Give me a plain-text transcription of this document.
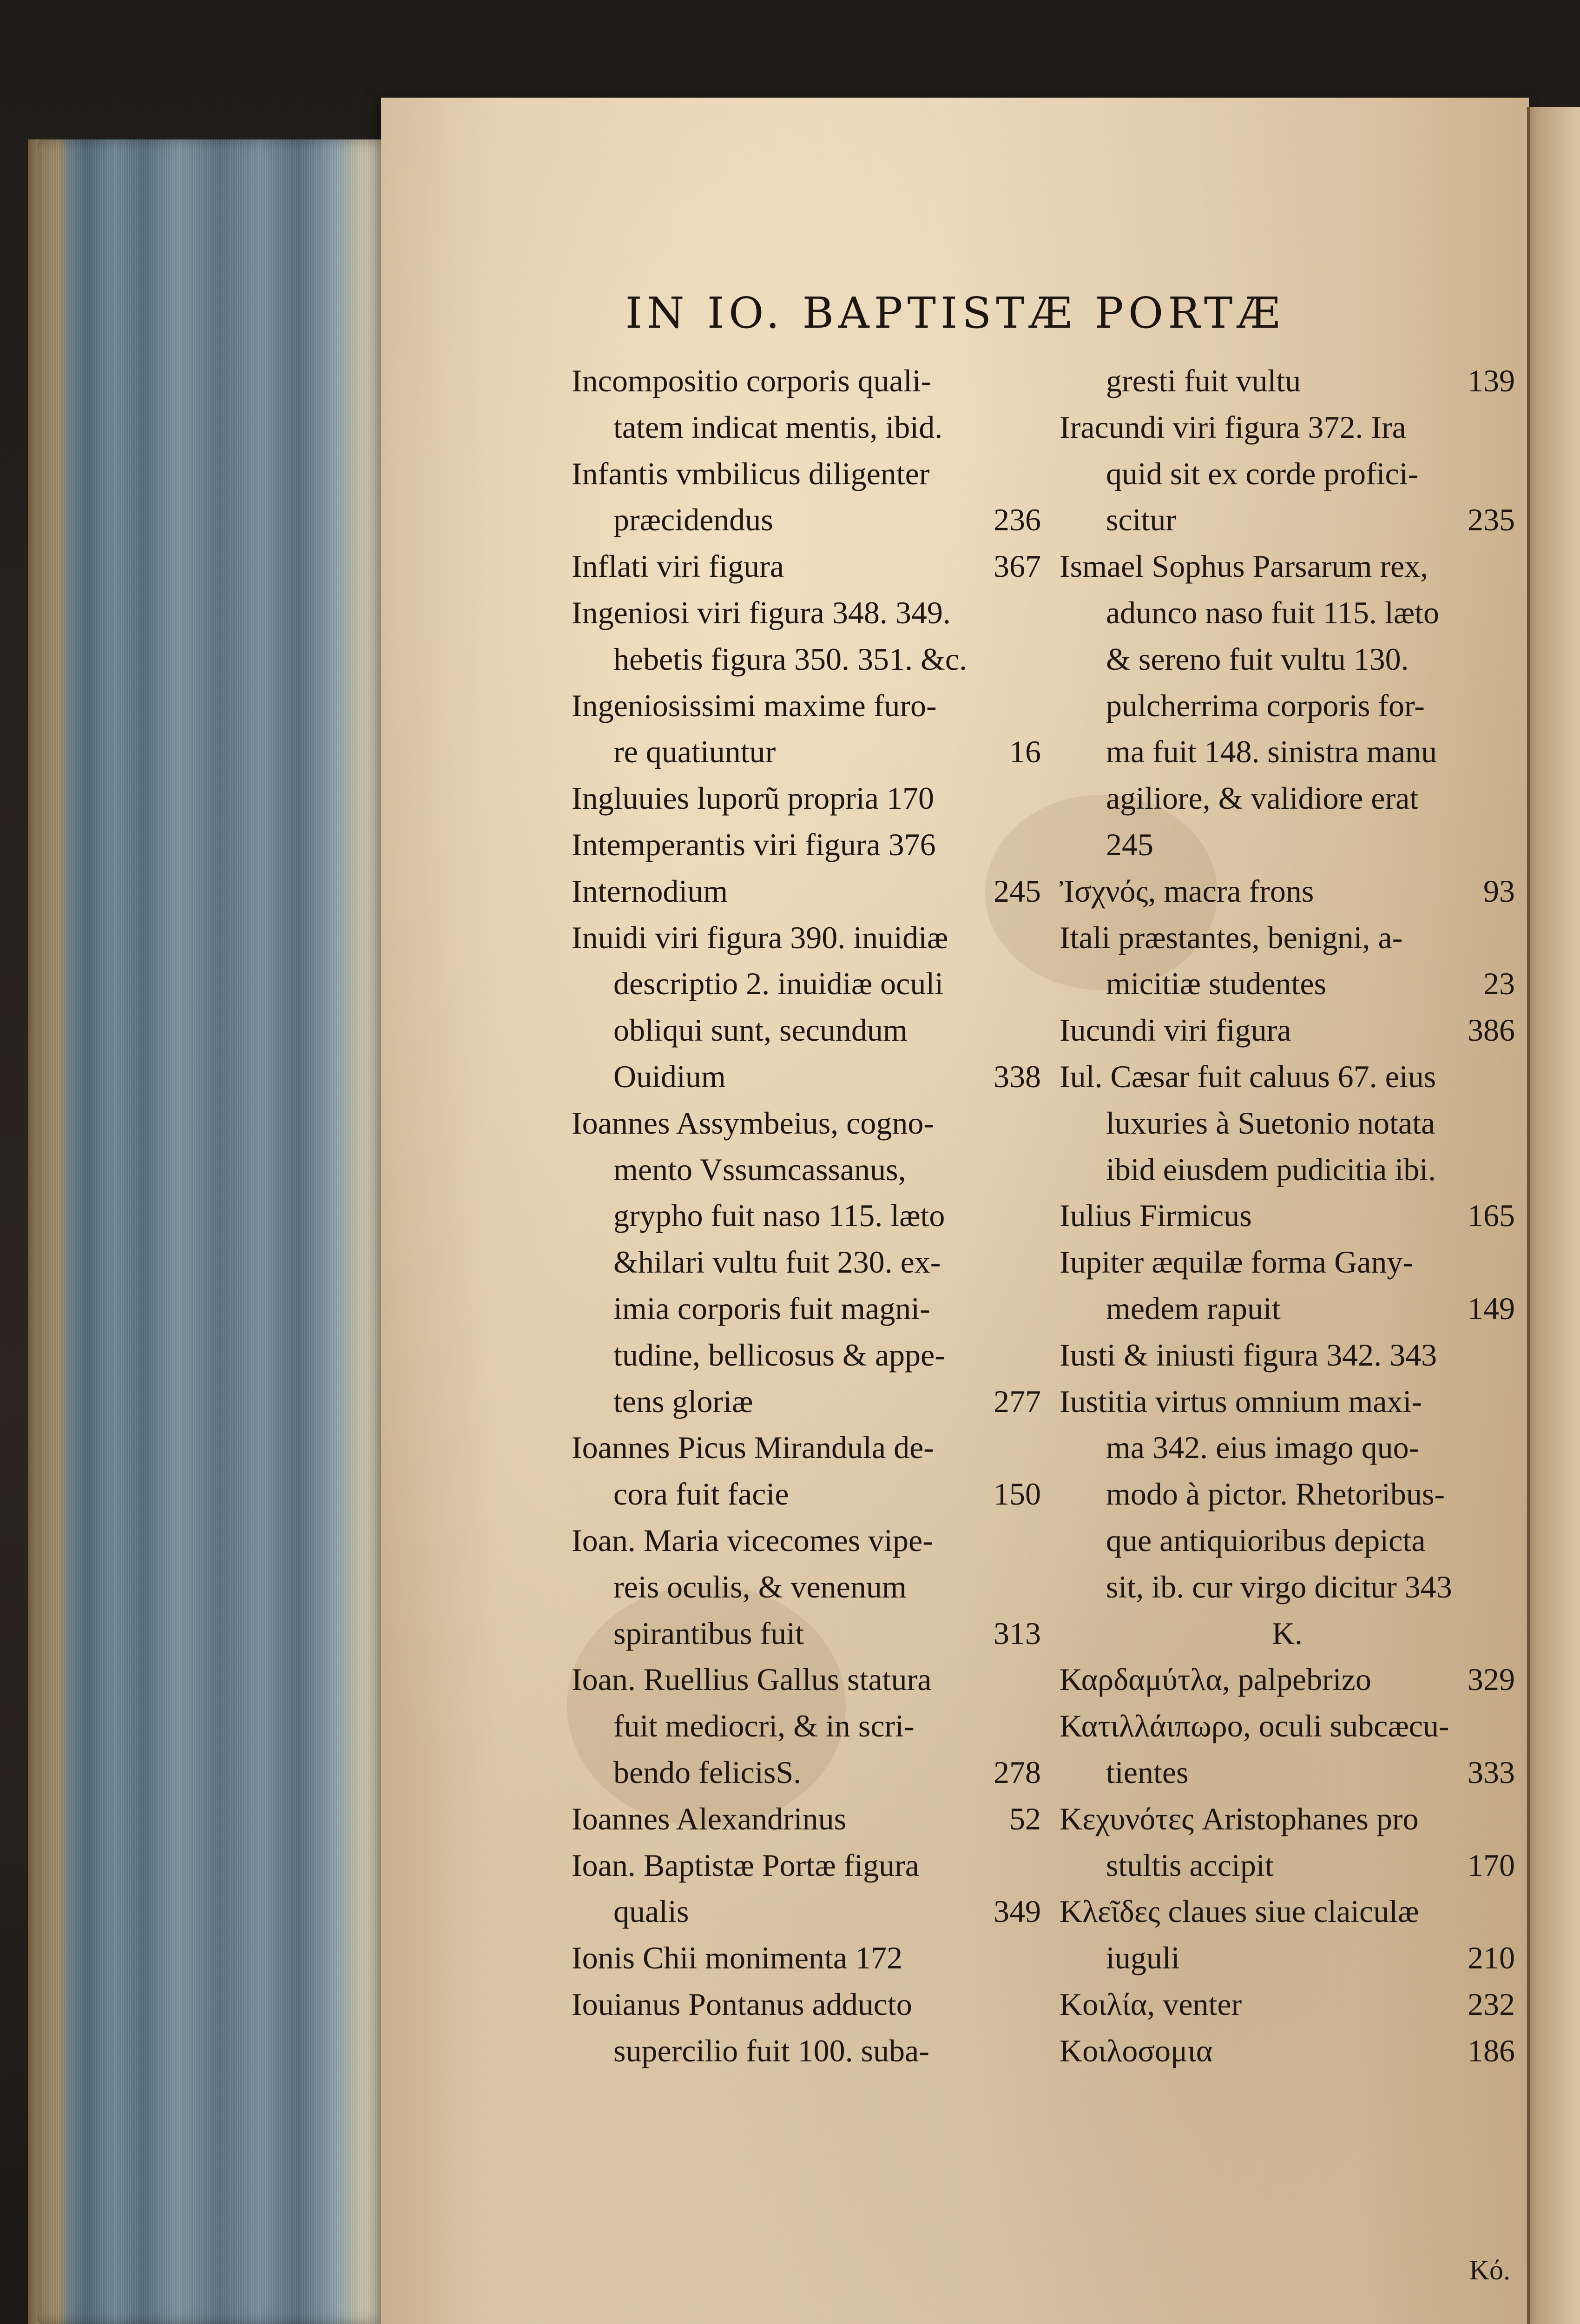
IN IO. BAPTISTÆ PORTÆ
Incompositio corporis quali-
tatem indicat mentis, ibid.
Infantis vmbilicus diligenter
præcidendus	236
Inflati viri figura	367
Ingeniosi viri figura 348. 349.
hebetis figura 350. 351. &c.
Ingeniosissimi maxime furo-
re quatiuntur	16
Ingluuies luporũ propria 170
Intemperantis viri figura 376
Internodium	245
Inuidi viri figura 390. inuidiæ
descriptio 2. inuidiæ oculi
obliqui sunt, secundum
Ouidium	338
Ioannes Assymbeius, cogno-
mento Vssumcassanus,
grypho fuit naso 115. læto
&hilari vultu fuit 230. ex-
imia corporis fuit magni-
tudine, bellicosus & appe-
tens gloriæ	277
Ioannes Picus Mirandula de-
cora fuit facie	150
Ioan. Maria vicecomes vipe-
reis oculis, & venenum
spirantibus fuit	313
Ioan. Ruellius Gallus statura
fuit mediocri, & in scri-
bendo felicisS.	278
Ioannes Alexandrinus	52
Ioan. Baptistæ Portæ figura
qualis	349
Ionis Chii monimenta 172
Iouianus Pontanus adducto
supercilio fuit 100. suba-
gresti fuit vultu	139
Iracundi viri figura 372. Ira
quid sit ex corde profici-
scitur	235
Ismael Sophus Parsarum rex,
adunco naso fuit 115. læto
& sereno fuit vultu 130.
pulcherrima corporis for-
ma fuit 148. sinistra manu
agiliore, & validiore erat
245
Ἰσχνός, macra frons	93
Itali præstantes, benigni, a-
micitiæ studentes	23
Iucundi viri figura	386
Iul. Cæsar fuit caluus 67. eius
luxuries à Suetonio notata
ibid eiusdem pudicitia ibi.
Iulius Firmicus	165
Iupiter æquilæ forma Gany-
medem rapuit	149
Iusti & iniusti figura 342. 343
Iustitia virtus omnium maxi-
ma 342. eius imago quo-
modo à pictor. Rhetoribus-
que antiquioribus depicta
sit, ib. cur virgo dicitur 343
K.
Καρδαμύτλα, palpebrizo	329
Κατιλλάιπωρο, oculi subcæcu-
tientes	333
Κεχυνότες Aristophanes pro
stultis accipit	170
Κλεῖδες claues siue claiculæ
iuguli	210
Κοιλία, venter	232
Κοιλοσομια	186
Κό.
